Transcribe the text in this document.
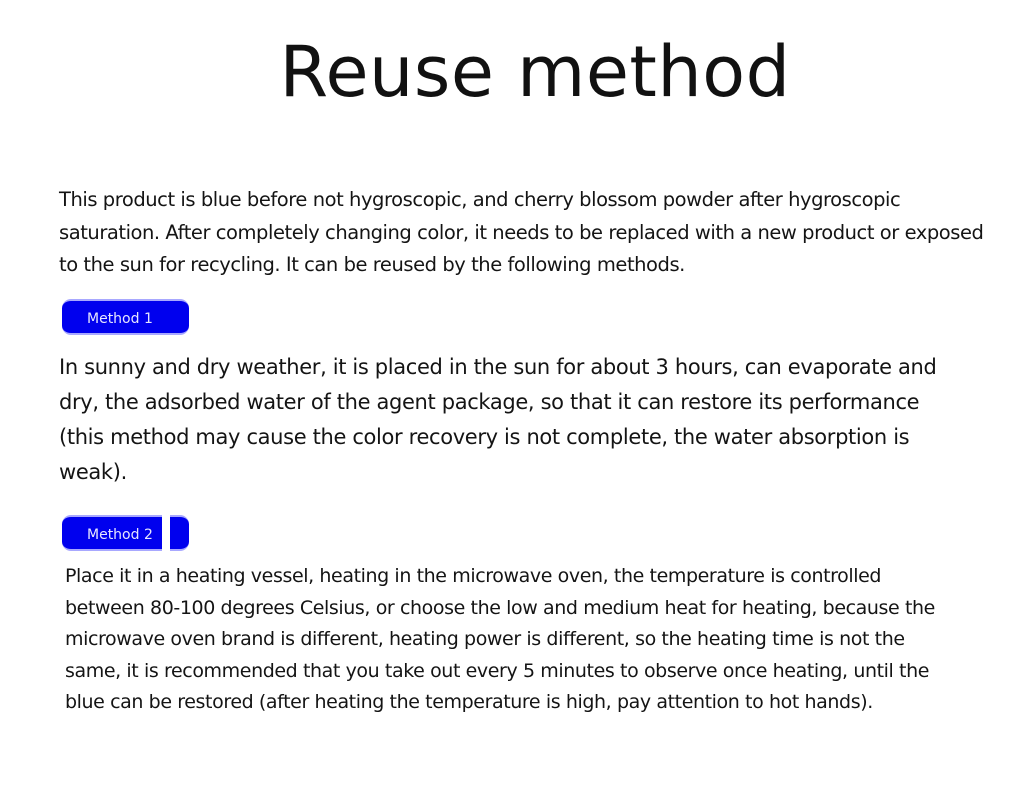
Reuse method

This product is blue before not hygroscopic, and cherry blossom powder after hygroscopic saturation. After completely changing color, it needs to be replaced with a new product or exposed to the sun for recycling. It can be reused by the following methods.

Method 1

In sunny and dry weather, it is placed in the sun for about 3 hours, can evaporate and dry, the adsorbed water of the agent package, so that it can restore its performance (this method may cause the color recovery is not complete, the water absorption is weak).

Method 2

Place it in a heating vessel, heating in the microwave oven, the temperature is controlled between 80-100 degrees Celsius, or choose the low and medium heat for heating, because the microwave oven brand is different, heating power is different, so the heating time is not the same, it is recommended that you take out every 5 minutes to observe once heating, until the blue can be restored (after heating the temperature is high, pay attention to hot hands).
